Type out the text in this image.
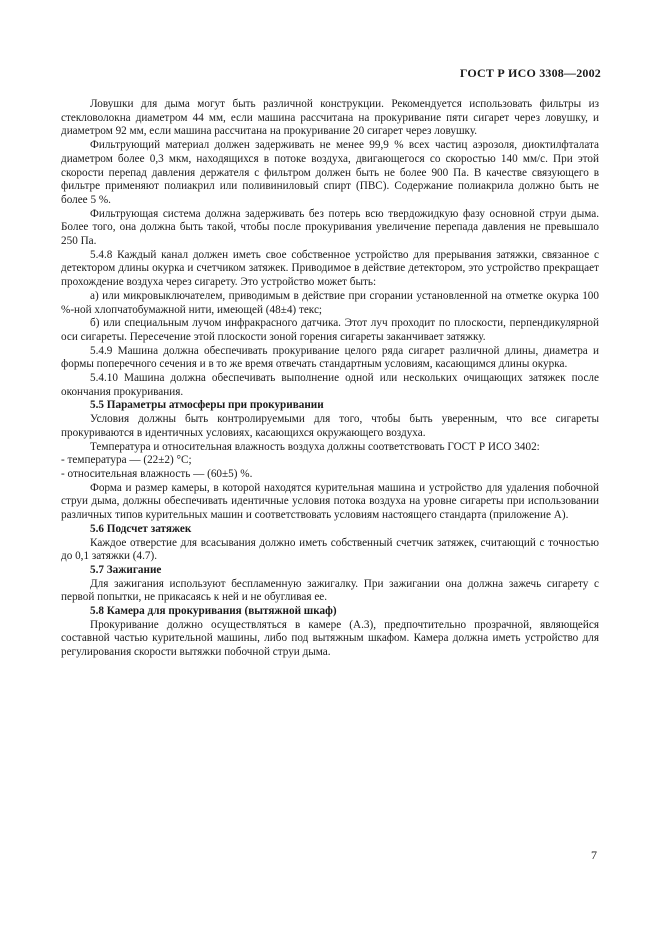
ГОСТ Р ИСО 3308—2002

Ловушки для дыма могут быть различной конструкции. Рекомендуется использовать фильтры из стекловолокна диаметром 44 мм, если машина рассчитана на прокуривание пяти сигарет через ловушку, и диаметром 92 мм, если машина рассчитана на прокуривание 20 сигарет через ловушку.

Фильтрующий материал должен задерживать не менее 99,9 % всех частиц аэрозоля, диоктилфталата диаметром более 0,3 мкм, находящихся в потоке воздуха, двигающегося со скоростью 140 мм/с. При этой скорости перепад давления держателя с фильтром должен быть не более 900 Па. В качестве связующего в фильтре применяют полиакрил или поливиниловый спирт (ПВС). Содержание полиакрила должно быть не более 5 %.

Фильтрующая система должна задерживать без потерь всю твердожидкую фазу основной струи дыма. Более того, она должна быть такой, чтобы после прокуривания увеличение перепада давления не превышало 250 Па.

5.4.8 Каждый канал должен иметь свое собственное устройство для прерывания затяжки, связанное с детектором длины окурка и счетчиком затяжек. Приводимое в действие детектором, это устройство прекращает прохождение воздуха через сигарету. Это устройство может быть:

а) или микровыключателем, приводимым в действие при сгорании установленной на отметке окурка 100 %-ной хлопчатобумажной нити, имеющей (48±4) текс;

б) или специальным лучом инфракрасного датчика. Этот луч проходит по плоскости, перпендикулярной оси сигареты. Пересечение этой плоскости зоной горения сигареты заканчивает затяжку.

5.4.9 Машина должна обеспечивать прокуривание целого ряда сигарет различной длины, диаметра и формы поперечного сечения и в то же время отвечать стандартным условиям, касающимся длины окурка.

5.4.10 Машина должна обеспечивать выполнение одной или нескольких очищающих затяжек после окончания прокуривания.

5.5 Параметры атмосферы при прокуривании

Условия должны быть контролируемыми для того, чтобы быть уверенным, что все сигареты прокуриваются в идентичных условиях, касающихся окружающего воздуха.

Температура и относительная влажность воздуха должны соответствовать ГОСТ Р ИСО 3402:

- температура — (22±2) °С;

- относительная влажность — (60±5) %.

Форма и размер камеры, в которой находятся курительная машина и устройство для удаления побочной струи дыма, должны обеспечивать идентичные условия потока воздуха на уровне сигареты при использовании различных типов курительных машин и соответствовать условиям настоящего стандарта (приложение А).

5.6 Подсчет затяжек

Каждое отверстие для всасывания должно иметь собственный счетчик затяжек, считающий с точностью до 0,1 затяжки (4.7).

5.7 Зажигание

Для зажигания используют беспламенную зажигалку. При зажигании она должна зажечь сигарету с первой попытки, не прикасаясь к ней и не обугливая ее.

5.8 Камера для прокуривания (вытяжной шкаф)

Прокуривание должно осуществляться в камере (А.3), предпочтительно прозрачной, являющейся составной частью курительной машины, либо под вытяжным шкафом. Камера должна иметь устройство для регулирования скорости вытяжки побочной струи дыма.

7
